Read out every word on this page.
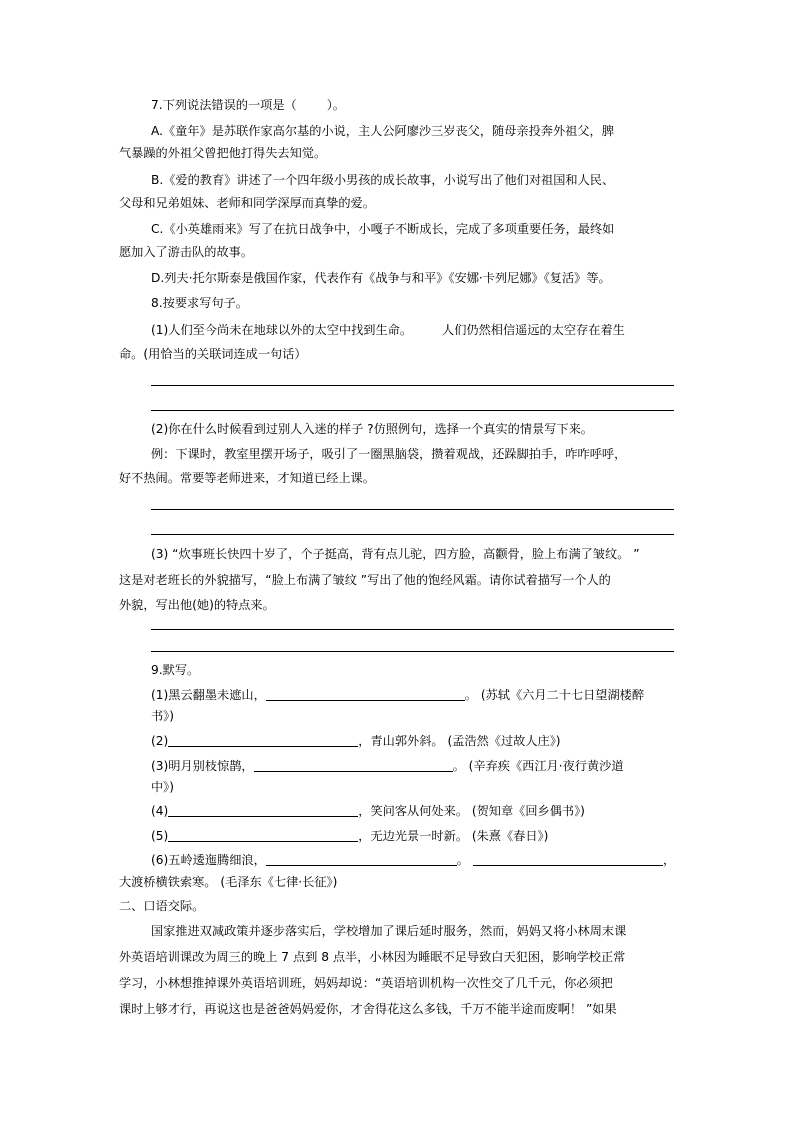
7.下列说法错误的一项是（ ）。
A.《童年》是苏联作家高尔基的小说，主人公阿廖沙三岁丧父，随母亲投奔外祖父，脾
气暴躁的外祖父曾把他打得失去知觉。
B.《爱的教育》讲述了一个四年级小男孩的成长故事，小说写出了他们对祖国和人民、
父母和兄弟姐妹、老师和同学深厚而真挚的爱。
C.《小英雄雨来》写了在抗日战争中，小嘎子不断成长，完成了多项重要任务，最终如
愿加入了游击队的故事。
D.列夫·托尔斯泰是俄国作家，代表作有《战争与和平》《安娜·卡列尼娜》《复活》等。
8.按要求写句子。
(1)人们至今尚未在地球以外的太空中找到生命。 人们仍然相信遥远的太空存在着生
命。(用恰当的关联词连成一句话）
(2)你在什么时候看到过别人入迷的样子 ?仿照例句，选择一个真实的情景写下来。
例：下课时，教室里摆开场子，吸引了一圈黑脑袋，攒着观战，还跺脚拍手，咋咋呼呼，
好不热闹。常要等老师进来，才知道已经上课。
(3) “炊事班长快四十岁了，个子挺高，背有点儿驼，四方脸，高颧骨，脸上布满了皱纹。 ”
这是对老班长的外貌描写，“脸上布满了皱纹 ”写出了他的饱经风霜。请你试着描写一个人的
外貌，写出他(她)的特点来。
9.默写。
(1)黑云翻墨未遮山，	。 (苏轼《六月二十七日望湖楼醉
书》)
(2)	，青山郭外斜。 (孟浩然《过故人庄》)
(3)明月别枝惊鹊，	。 (辛弃疾《西江月·夜行黄沙道
中》)
(4)	，笑问客从何处来。 (贺知章《回乡偶书》)
(5)	，无边光景一时新。 (朱熹《春日》)
(6)五岭逶迤腾细浪，	。	，
大渡桥横铁索寒。 (毛泽东《七律·长征》)
二、口语交际。
国家推进双减政策并逐步落实后，学校增加了课后延时服务，然而，妈妈又将小林周末课
外英语培训课改为周三的晚上 7 点到 8 点半，小林因为睡眠不足导致白天犯困，影响学校正常
学习，小林想推掉课外英语培训班，妈妈却说：“英语培训机构一次性交了几千元，你必须把
课时上够才行，再说这也是爸爸妈妈爱你，才舍得花这么多钱，千万不能半途而废啊！ ”如果
